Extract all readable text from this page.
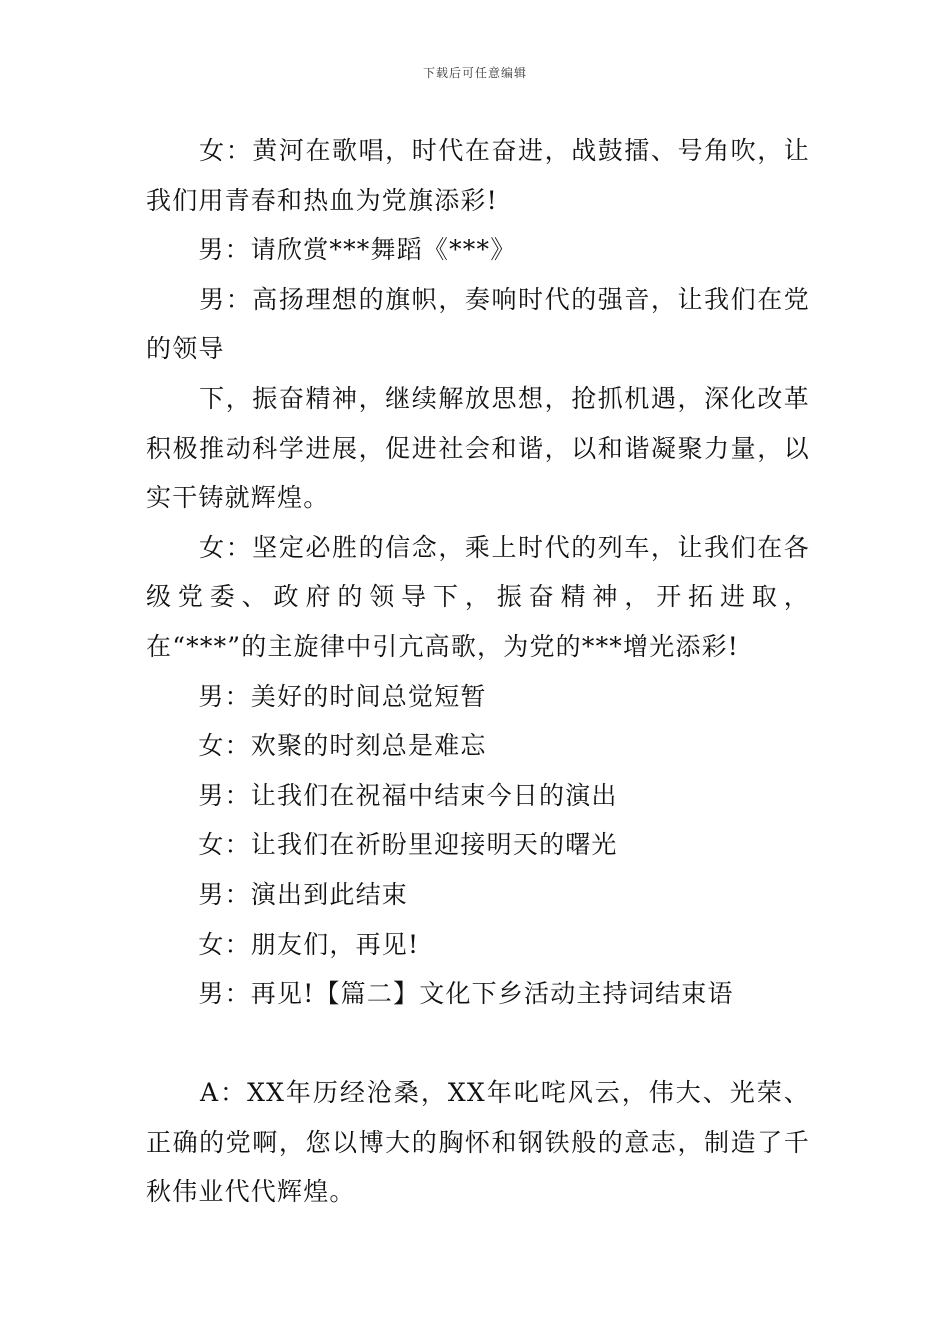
下载后可任意编辑

　　女：黄河在歌唱，时代在奋进，战鼓擂、号角吹，让我们用青春和热血为党旗添彩!

　　男：请欣赏***舞蹈《***》

　　男：高扬理想的旗帜，奏响时代的强音，让我们在党的领导

　　下，振奋精神，继续解放思想，抢抓机遇，深化改革积极推动科学进展，促进社会和谐，以和谐凝聚力量，以实干铸就辉煌。

　　女：坚定必胜的信念，乘上时代的列车，让我们在各级党委、政府的领导下，振奋精神，开拓进取，在“***”的主旋律中引亢高歌，为党的***增光添彩!

　　男：美好的时间总觉短暂

　　女：欢聚的时刻总是难忘

　　男：让我们在祝福中结束今日的演出

　　女：让我们在祈盼里迎接明天的曙光

　　男：演出到此结束

　　女：朋友们，再见!

　　男：再见!【篇二】文化下乡活动主持词结束语

　　A：XX年历经沧桑，XX年叱咤风云，伟大、光荣、正确的党啊，您以博大的胸怀和钢铁般的意志，制造了千秋伟业代代辉煌。
